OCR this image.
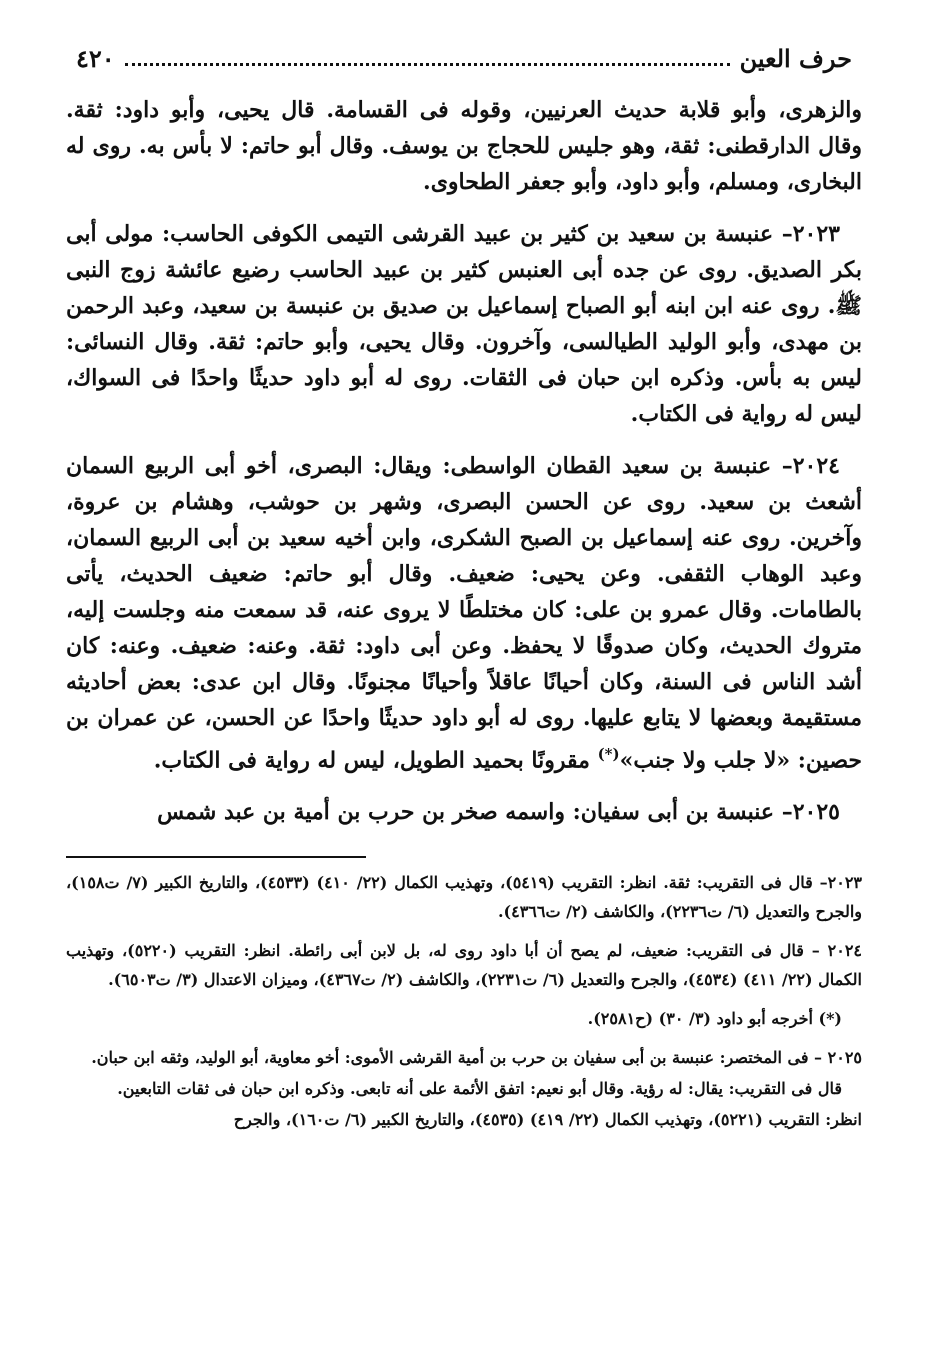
حرف العين
٤٢٠

والزهرى، وأبو قلابة حديث العرنيين، وقوله فى القسامة. قال يحيى، وأبو داود: ثقة. وقال الدارقطنى: ثقة، وهو جليس للحجاج بن يوسف. وقال أبو حاتم: لا بأس به. روى له البخارى، ومسلم، وأبو داود، وأبو جعفر الطحاوى.

٢٠٢٣– عنبسة بن سعيد بن كثير بن عبيد القرشى التيمى الكوفى الحاسب: مولى أبى بكر الصديق. روى عن جده أبى العنبس كثير بن عبيد الحاسب رضيع عائشة زوج النبى ﷺ. روى عنه ابن ابنه أبو الصباح إسماعيل بن صديق بن عنبسة بن سعيد، وعبد الرحمن بن مهدى، وأبو الوليد الطيالسى، وآخرون. وقال يحيى، وأبو حاتم: ثقة. وقال النسائى: ليس به بأس. وذكره ابن حبان فى الثقات. روى له أبو داود حديثًا واحدًا فى السواك، ليس له رواية فى الكتاب.

٢٠٢٤– عنبسة بن سعيد القطان الواسطى: ويقال: البصرى، أخو أبى الربيع السمان أشعث بن سعيد. روى عن الحسن البصرى، وشهر بن حوشب، وهشام بن عروة، وآخرين. روى عنه إسماعيل بن الصبح الشكرى، وابن أخيه سعيد بن أبى الربيع السمان، وعبد الوهاب الثقفى. وعن يحيى: ضعيف. وقال أبو حاتم: ضعيف الحديث، يأتى بالطامات. وقال عمرو بن على: كان مختلطًا لا يروى عنه، قد سمعت منه وجلست إليه، متروك الحديث، وكان صدوقًا لا يحفظ. وعن أبى داود: ثقة. وعنه: ضعيف. وعنه: كان أشد الناس فى السنة، وكان أحيانًا عاقلاً وأحيانًا مجنونًا. وقال ابن عدى: بعض أحاديثه مستقيمة وبعضها لا يتابع عليها. روى له أبو داود حديثًا واحدًا عن الحسن، عن عمران بن حصين: «لا جلب ولا جنب»(*) مقرونًا بحميد الطويل، ليس له رواية فى الكتاب.

٢٠٢٥– عنبسة بن أبى سفيان: واسمه صخر بن حرب بن أمية بن عبد شمس

٢٠٢٣– قال فى التقريب: ثقة. انظر: التقريب (٥٤١٩)، وتهذيب الكمال (٢٢/ ٤١٠) (٤٥٣٣)، والتاريخ الكبير (٧/ ت١٥٨)، والجرح والتعديل (٦/ ت٢٢٣٦)، والكاشف (٢/ ت٤٣٦٦).

٢٠٢٤ – قال فى التقريب: ضعيف، لم يصح أن أبا داود روى له، بل لابن أبى رائطة. انظر: التقريب (٥٢٢٠)، وتهذيب الكمال (٢٢/ ٤١١) (٤٥٣٤)، والجرح والتعديل (٦/ ت٢٢٣١)، والكاشف (٢/ ت٤٣٦٧)، وميزان الاعتدال (٣/ ت٦٥٠٣).

(*) أخرجه أبو داود (٣/ ٣٠) (ح٢٥٨١).

٢٠٢٥ – فى المختصر: عنبسة بن أبى سفيان بن حرب بن أمية القرشى الأموى: أخو معاوية، أبو الوليد، وثقه ابن حبان.

قال فى التقريب: يقال: له رؤية. وقال أبو نعيم: اتفق الأئمة على أنه تابعى. وذكره ابن حبان فى ثقات التابعين.

انظر: التقريب (٥٢٢١)، وتهذيب الكمال (٢٢/ ٤١٩) (٤٥٣٥)، والتاريخ الكبير (٦/ ت١٦٠)، والجرح
